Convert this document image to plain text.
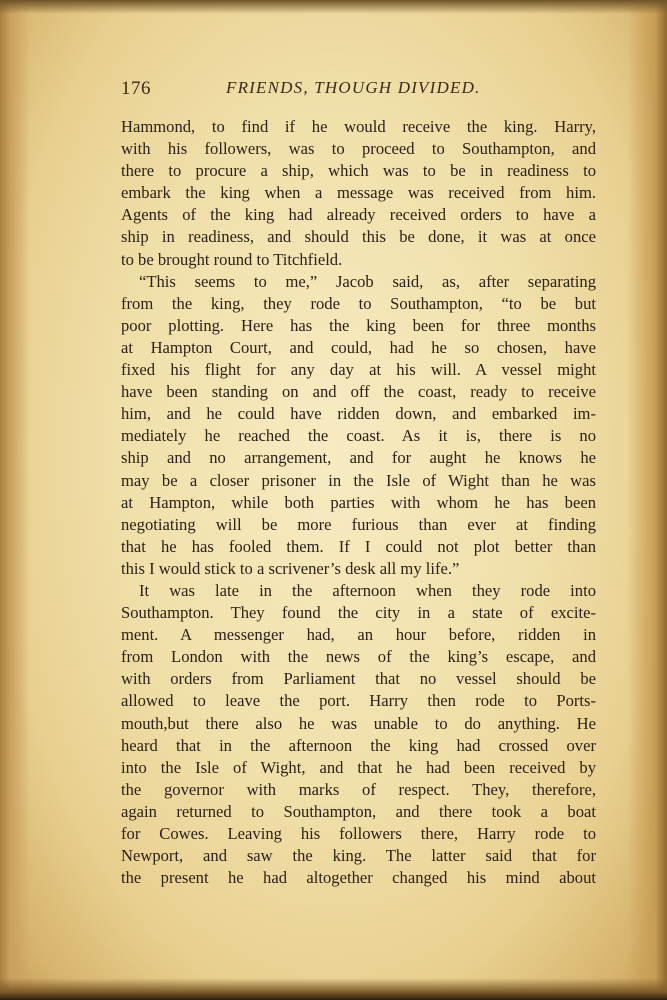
176	FRIENDS, THOUGH DIVIDED.
Hammond, to find if he would receive the king. Harry,
with his followers, was to proceed to Southampton, and
there to procure a ship, which was to be in readiness to
embark the king when a message was received from him.
Agents of the king had already received orders to have a
ship in readiness, and should this be done, it was at once
to be brought round to Titchfield.
“This seems to me,” Jacob said, as, after separating
from the king, they rode to Southampton, “to be but
poor plotting. Here has the king been for three months
at Hampton Court, and could, had he so chosen, have
fixed his flight for any day at his will. A vessel might
have been standing on and off the coast, ready to receive
him, and he could have ridden down, and embarked im-
mediately he reached the coast. As it is, there is no
ship and no arrangement, and for aught he knows he
may be a closer prisoner in the Isle of Wight than he was
at Hampton, while both parties with whom he has been
negotiating will be more furious than ever at finding
that he has fooled them. If I could not plot better than
this I would stick to a scrivener’s desk all my life.”
It was late in the afternoon when they rode into
Southampton. They found the city in a state of excite-
ment. A messenger had, an hour before, ridden in
from London with the news of the king’s escape, and
with orders from Parliament that no vessel should be
allowed to leave the port. Harry then rode to Ports-
mouth,but there also he was unable to do anything. He
heard that in the afternoon the king had crossed over
into the Isle of Wight, and that he had been received by
the governor with marks of respect. They, therefore,
again returned to Southampton, and there took a boat
for Cowes. Leaving his followers there, Harry rode to
Newport, and saw the king. The latter said that for
the present he had altogether changed his mind about
